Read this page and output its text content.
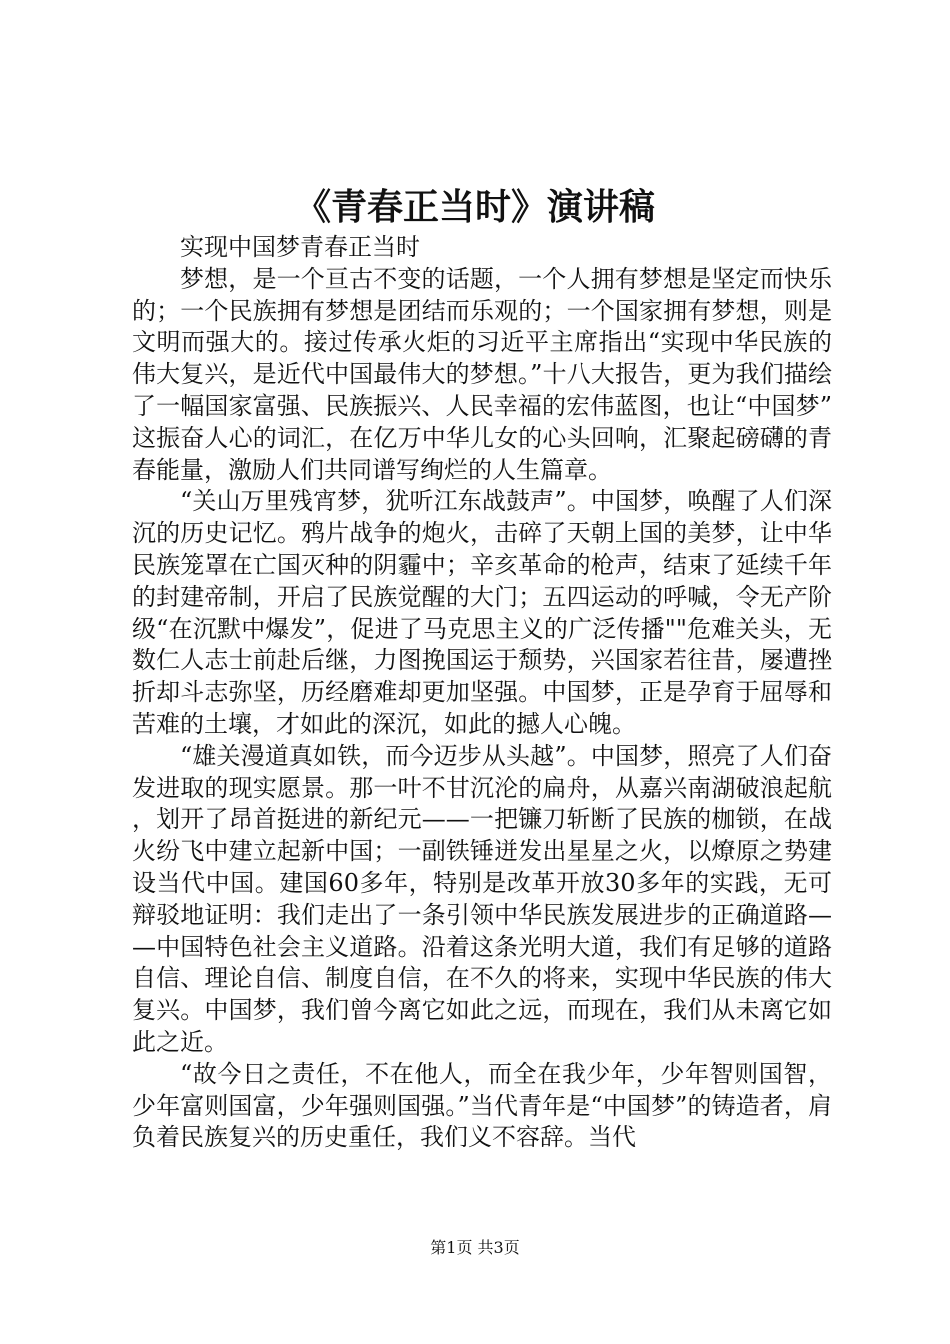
《青春正当时》演讲稿

实现中国梦青春正当时

梦想，是一个亘古不变的话题，一个人拥有梦想是坚定而快乐的；一个民族拥有梦想是团结而乐观的；一个国家拥有梦想，则是文明而强大的。接过传承火炬的习近平主席指出“实现中华民族的伟大复兴，是近代中国最伟大的梦想。”十八大报告，更为我们描绘了一幅国家富强、民族振兴、人民幸福的宏伟蓝图，也让“中国梦”这振奋人心的词汇，在亿万中华儿女的心头回响，汇聚起磅礴的青春能量，激励人们共同谱写绚烂的人生篇章。

“关山万里残宵梦，犹听江东战鼓声”。中国梦，唤醒了人们深沉的历史记忆。鸦片战争的炮火，击碎了天朝上国的美梦，让中华民族笼罩在亡国灭种的阴霾中；辛亥革命的枪声，结束了延续千年的封建帝制，开启了民族觉醒的大门；五四运动的呼喊，令无产阶级“在沉默中爆发”，促进了马克思主义的广泛传播""危难关头，无数仁人志士前赴后继，力图挽国运于颓势，兴国家若往昔，屡遭挫折却斗志弥坚，历经磨难却更加坚强。中国梦，正是孕育于屈辱和苦难的土壤，才如此的深沉，如此的撼人心魄。

“雄关漫道真如铁，而今迈步从头越”。中国梦，照亮了人们奋发进取的现实愿景。那一叶不甘沉沦的扁舟，从嘉兴南湖破浪起航，划开了昂首挺进的新纪元——一把镰刀斩断了民族的枷锁，在战火纷飞中建立起新中国；一副铁锤迸发出星星之火，以燎原之势建设当代中国。建国60多年，特别是改革开放30多年的实践，无可辩驳地证明：我们走出了一条引领中华民族发展进步的正确道路——中国特色社会主义道路。沿着这条光明大道，我们有足够的道路自信、理论自信、制度自信，在不久的将来，实现中华民族的伟大复兴。中国梦，我们曾今离它如此之远，而现在，我们从未离它如此之近。

“故今日之责任，不在他人，而全在我少年，少年智则国智，少年富则国富，少年强则国强。”当代青年是“中国梦”的铸造者，肩负着民族复兴的历史重任，我们义不容辞。当代

第1页 共3页
